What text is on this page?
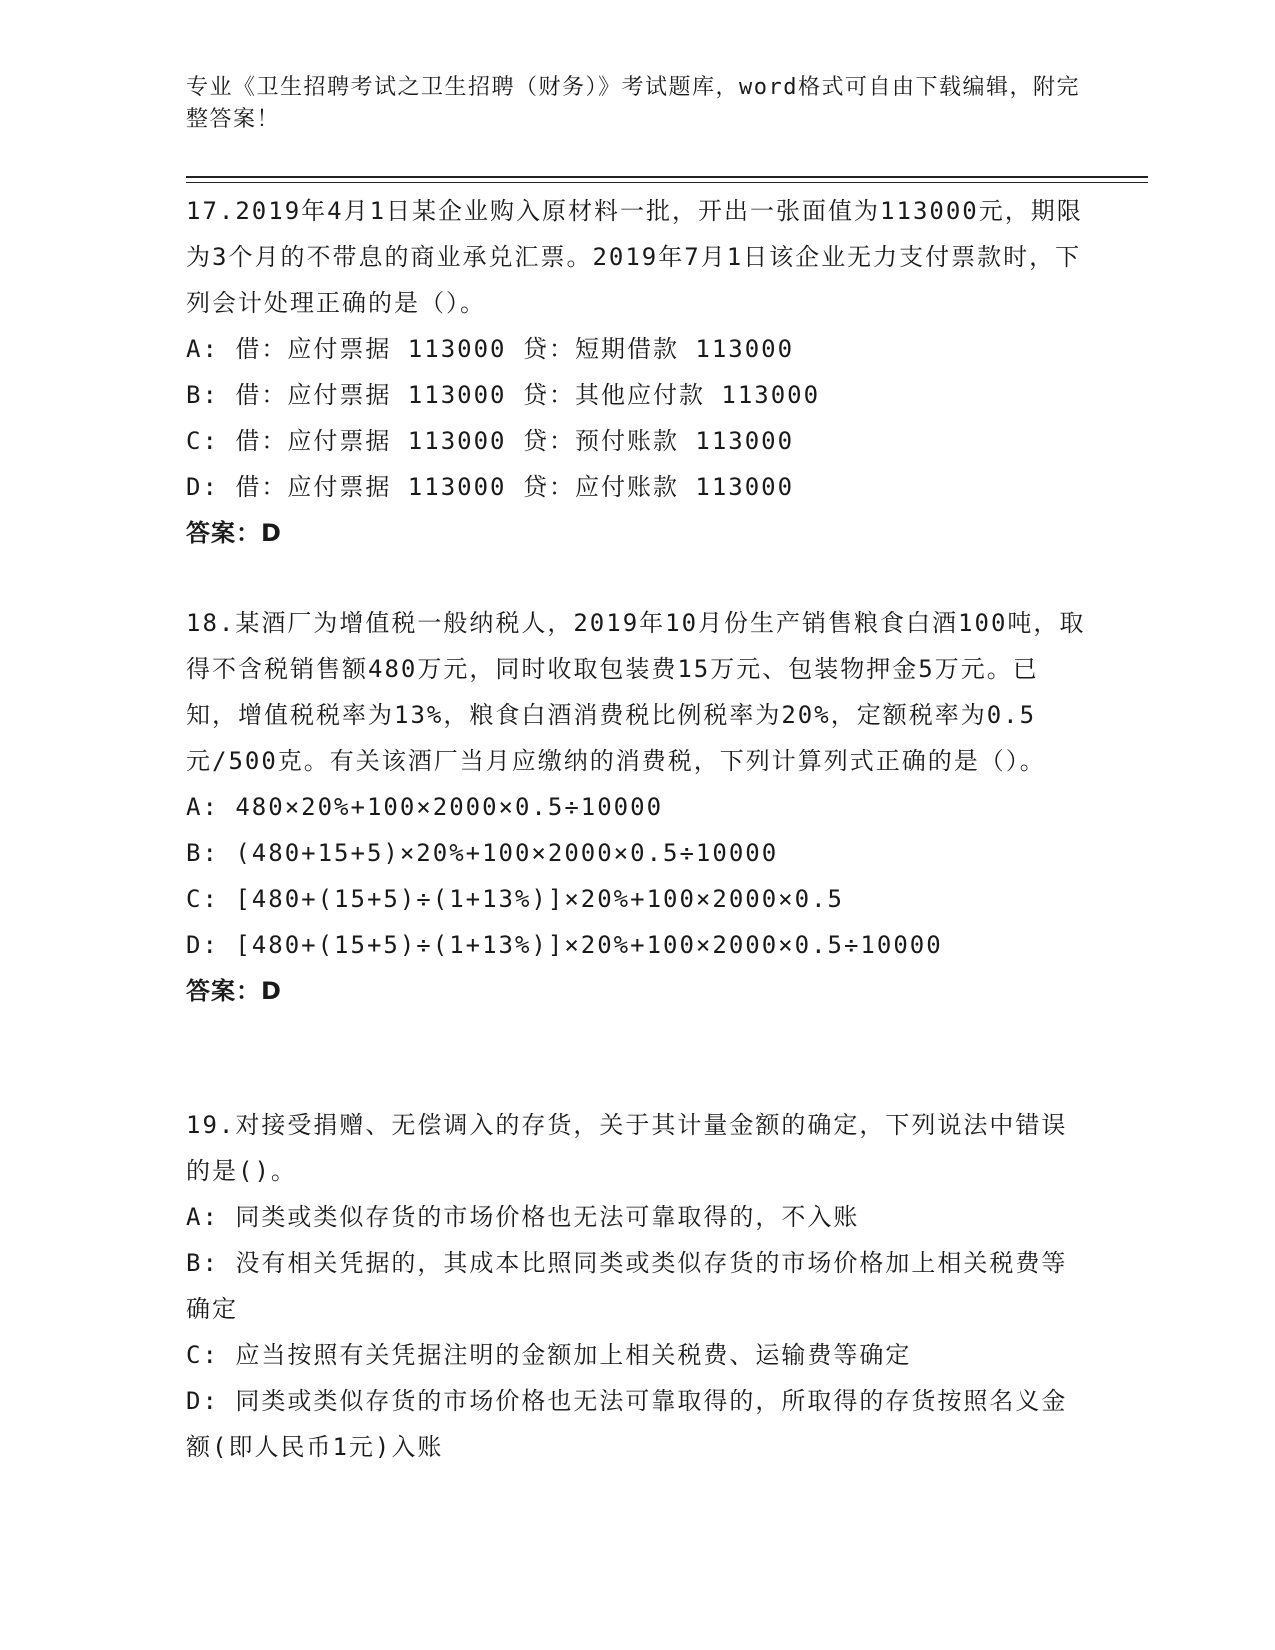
专业《卫生招聘考试之卫生招聘（财务）》考试题库，word格式可自由下载编辑，附完整答案！
17.2019年4月1日某企业购入原材料一批，开出一张面值为113000元，期限为3个月的不带息的商业承兑汇票。2019年7月1日该企业无力支付票款时，下列会计处理正确的是（）。
A: 借：应付票据 113000 贷：短期借款 113000
B: 借：应付票据 113000 贷：其他应付款 113000
C: 借：应付票据 113000 贷：预付账款 113000
D: 借：应付票据 113000 贷：应付账款 113000
答案：D
18.某酒厂为增值税一般纳税人，2019年10月份生产销售粮食白酒100吨，取得不含税销售额480万元，同时收取包装费15万元、包装物押金5万元。已知，增值税税率为13%，粮食白酒消费税比例税率为20%，定额税率为0.5元/500克。有关该酒厂当月应缴纳的消费税，下列计算列式正确的是（）。
A: 480×20%+100×2000×0.5÷10000
B: (480+15+5)×20%+100×2000×0.5÷10000
C: [480+(15+5)÷(1+13%)]×20%+100×2000×0.5
D: [480+(15+5)÷(1+13%)]×20%+100×2000×0.5÷10000
答案：D
19.对接受捐赠、无偿调入的存货，关于其计量金额的确定，下列说法中错误的是()。
A: 同类或类似存货的市场价格也无法可靠取得的，不入账
B: 没有相关凭据的，其成本比照同类或类似存货的市场价格加上相关税费等确定
C: 应当按照有关凭据注明的金额加上相关税费、运输费等确定
D: 同类或类似存货的市场价格也无法可靠取得的，所取得的存货按照名义金额(即人民币1元)入账
